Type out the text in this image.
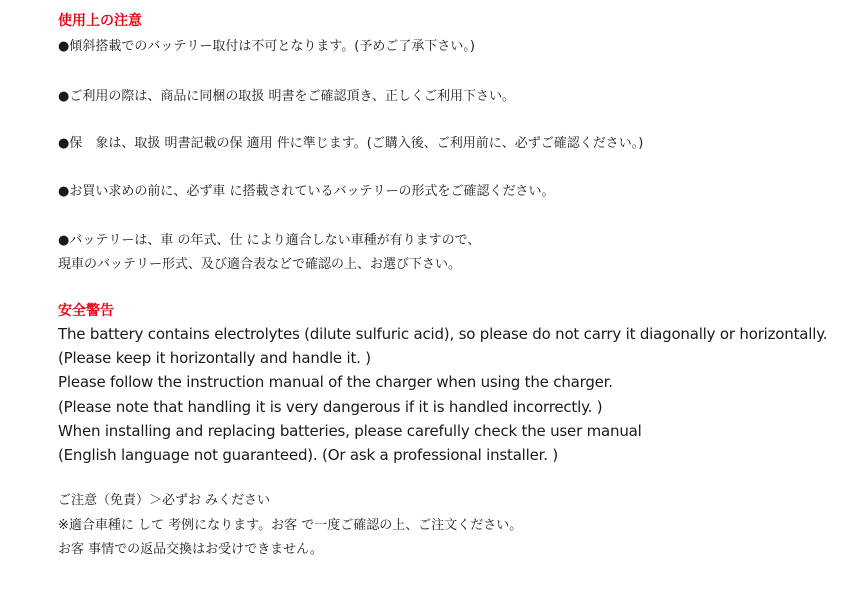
使用上の注意
●傾斜搭載でのバッテリー取付は不可となります。(予めご了承下さい。)
●ご利用の際は、商品に同梱の取扱 明書をご確認頂き、正しくご利用下さい。
●保　象は、取扱 明書記載の保 適用 件に準じます。(ご購入後、ご利用前に、必ずご確認ください。)
●お買い求めの前に、必ず車 に搭載されているバッテリーの形式をご確認ください。
●バッテリーは、車 の年式、仕 により適合しない車種が有りますので、
現車のバッテリー形式、及び適合表などで確認の上、お選び下さい。
安全警告
The battery contains electrolytes (dilute sulfuric acid), so please do not carry it diagonally or horizontally.
(Please keep it horizontally and handle it. )
Please follow the instruction manual of the charger when using the charger.
(Please note that handling it is very dangerous if it is handled incorrectly. )
When installing and replacing batteries, please carefully check the user manual
(English language not guaranteed). (Or ask a professional installer. )
ご注意（免責）＞必ずお みください
※適合車種に して 考例になります。お客 で一度ご確認の上、ご注文ください。
お客 事情での返品交換はお受けできません。
